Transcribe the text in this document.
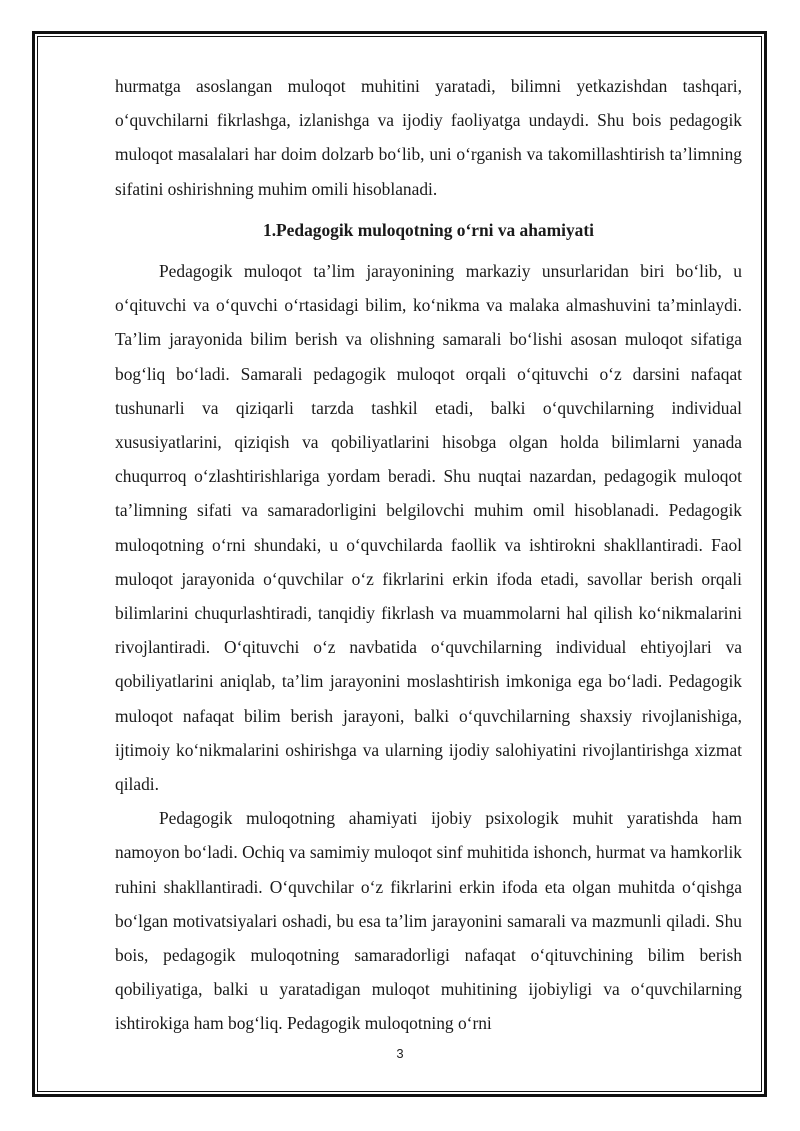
hurmatga asoslangan muloqot muhitini yaratadi, bilimni yetkazishdan tashqari, o‘quvchilarni fikrlashga, izlanishga va ijodiy faoliyatga undaydi. Shu bois pedagogik muloqot masalalari har doim dolzarb bo‘lib, uni o‘rganish va takomillashtirish ta’limning sifatini oshirishning muhim omili hisoblanadi.

1.Pedagogik muloqotning o‘rni va ahamiyati

Pedagogik muloqot ta’lim jarayonining markaziy unsurlaridan biri bo‘lib, u o‘qituvchi va o‘quvchi o‘rtasidagi bilim, ko‘nikma va malaka almashuvini ta’minlaydi. Ta’lim jarayonida bilim berish va olishning samarali bo‘lishi asosan muloqot sifatiga bog‘liq bo‘ladi. Samarali pedagogik muloqot orqali o‘qituvchi o‘z darsini nafaqat tushunarli va qiziqarli tarzda tashkil etadi, balki o‘quvchilarning individual xususiyatlarini, qiziqish va qobiliyatlarini hisobga olgan holda bilimlarni yanada chuqurroq o‘zlashtirishlariga yordam beradi. Shu nuqtai nazardan, pedagogik muloqot ta’limning sifati va samaradorligini belgilovchi muhim omil hisoblanadi. Pedagogik muloqotning o‘rni shundaki, u o‘quvchilarda faollik va ishtirokni shakllantiradi. Faol muloqot jarayonida o‘quvchilar o‘z fikrlarini erkin ifoda etadi, savollar berish orqali bilimlarini chuqurlashtiradi, tanqidiy fikrlash va muammolarni hal qilish ko‘nikmalarini rivojlantiradi. O‘qituvchi o‘z navbatida o‘quvchilarning individual ehtiyojlari va qobiliyatlarini aniqlab, ta’lim jarayonini moslashtirish imkoniga ega bo‘ladi. Pedagogik muloqot nafaqat bilim berish jarayoni, balki o‘quvchilarning shaxsiy rivojlanishiga, ijtimoiy ko‘nikmalarini oshirishga va ularning ijodiy salohiyatini rivojlantirishga xizmat qiladi.

Pedagogik muloqotning ahamiyati ijobiy psixologik muhit yaratishda ham namoyon bo‘ladi. Ochiq va samimiy muloqot sinf muhitida ishonch, hurmat va hamkorlik ruhini shakllantiradi. O‘quvchilar o‘z fikrlarini erkin ifoda eta olgan muhitda o‘qishga bo‘lgan motivatsiyalari oshadi, bu esa ta’lim jarayonini samarali va mazmunli qiladi. Shu bois, pedagogik muloqotning samaradorligi nafaqat o‘qituvchining bilim berish qobiliyatiga, balki u yaratadigan muloqot muhitining ijobiyligi va o‘quvchilarning ishtirokiga ham bog‘liq. Pedagogik muloqotning o‘rni

3
